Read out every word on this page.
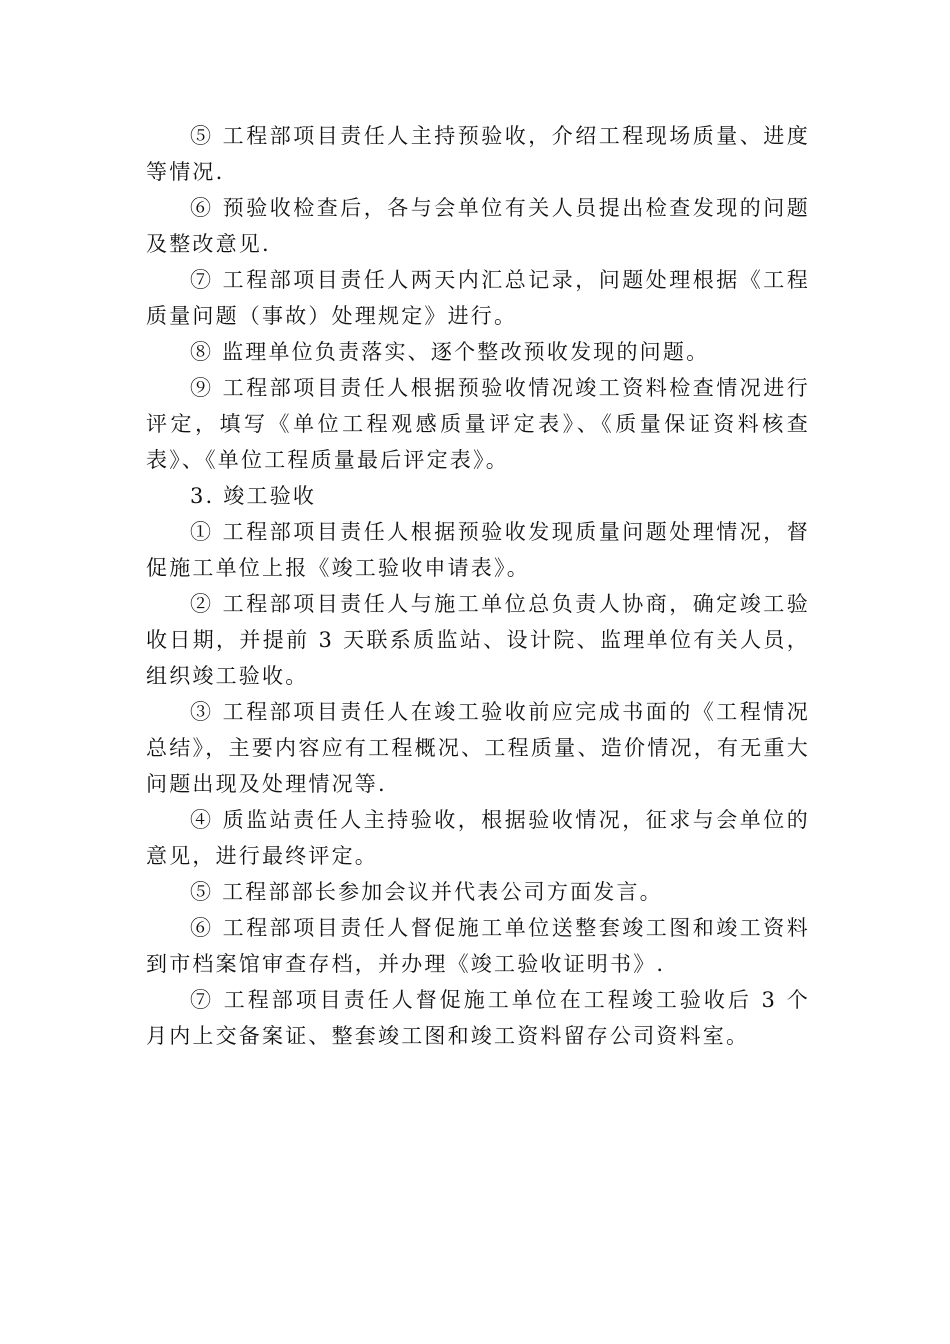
⑤ 工程部项目责任人主持预验收，介绍工程现场质量、进度等情况.

⑥ 预验收检查后，各与会单位有关人员提出检查发现的问题及整改意见.

⑦ 工程部项目责任人两天内汇总记录，问题处理根据《工程质量问题（事故）处理规定》进行。

⑧ 监理单位负责落实、逐个整改预收发现的问题。

⑨ 工程部项目责任人根据预验收情况竣工资料检查情况进行评定，填写《单位工程观感质量评定表》、《质量保证资料核查表》、《单位工程质量最后评定表》。

3. 竣工验收

① 工程部项目责任人根据预验收发现质量问题处理情况，督促施工单位上报《竣工验收申请表》。

② 工程部项目责任人与施工单位总负责人协商，确定竣工验收日期，并提前 3 天联系质监站、设计院、监理单位有关人员，组织竣工验收。

③ 工程部项目责任人在竣工验收前应完成书面的《工程情况总结》，主要内容应有工程概况、工程质量、造价情况，有无重大问题出现及处理情况等.

④ 质监站责任人主持验收，根据验收情况，征求与会单位的意见，进行最终评定。

⑤ 工程部部长参加会议并代表公司方面发言。

⑥ 工程部项目责任人督促施工单位送整套竣工图和竣工资料到市档案馆审查存档，并办理《竣工验收证明书》.

⑦ 工程部项目责任人督促施工单位在工程竣工验收后 3 个月内上交备案证、整套竣工图和竣工资料留存公司资料室。
